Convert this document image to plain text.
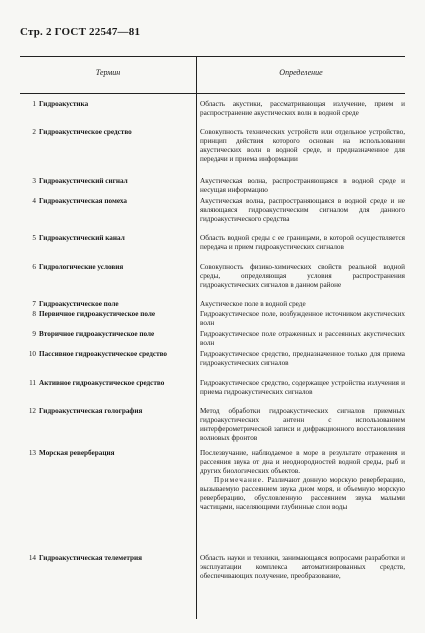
Стр. 2 ГОСТ 22547—81
Термин	Определение
1 Гидроакустика	Область акустики, рассматривающая излучение, прием и распространение акустических волн в водной среде
2 Гидроакустическое средство	Совокупность технических устройств или отдельное устройство, принцип действия которого основан на использовании акустических волн в водной среде, и предназначенное для передачи и приема информации
3 Гидроакустический сигнал	Акустическая волна, распространяющаяся в водной среде и несущая информацию
4 Гидроакустическая помеха	Акустическая волна, распространяющаяся в водной среде и не являющаяся гидроакустическим сигналом для данного гидроакустического средства
5 Гидроакустический канал	Область водной среды с ее границами, в которой осуществляется передача и прием гидроакустических сигналов
6 Гидрологические условия	Совокупность физико-химических свойств реальной водной среды, определяющая условия распространения гидроакустических сигналов в данном районе
7 Гидроакустическое поле	Акустическое поле в водной среде
8 Первичное гидроакустическое поле	Гидроакустическое поле, возбужденное источником акустических волн
9 Вторичное гидроакустическое поле	Гидроакустическое поле отраженных и рассеянных акустических волн
10 Пассивное гидроакустическое средство	Гидроакустическое средство, предназначенное только для приема гидроакустических сигналов
11 Активное гидроакустическое средство	Гидроакустическое средство, содержащее устройства излучения и приема гидроакустических сигналов
12 Гидроакустическая голография	Метод обработки гидроакустических сигналов приемных гидроакустических антенн с использованием интерферометрической записи и дифракционного восстановления волновых фронтов
13 Морская реверберация	Послезвучание, наблюдаемое в море в результате отражения и рассеяния звука от дна и неоднородностей водной среды, рыб и других биологических объектов.
Примечание. Различают донную морскую реверберацию, вызываемую рассеянием звука дном моря, и объемную морскую реверберацию, обусловленную рассеянием звука малыми частицами, населяющими глубинные слои воды
14 Гидроакустическая телеметрия	Область науки и техники, занимающаяся вопросами разработки и эксплуатации комплекса автоматизированных средств, обеспечивающих получение, преобразование,
